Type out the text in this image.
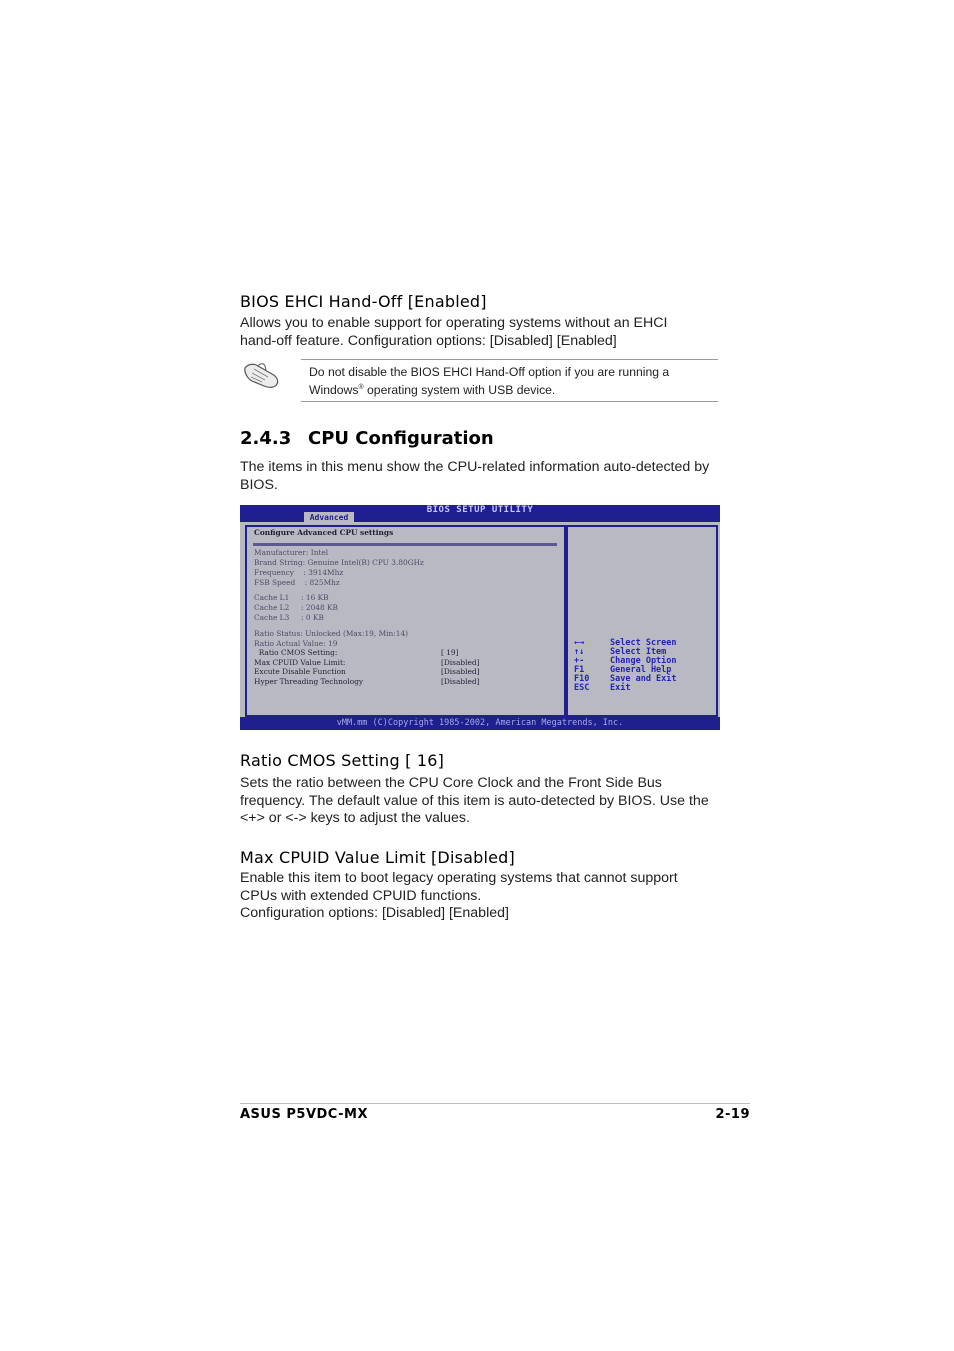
BIOS EHCI Hand-Off [Enabled]

Allows you to enable support for operating systems without an EHCI

hand-off feature. Configuration options: [Disabled] [Enabled]

Do not disable the BIOS EHCI Hand-Off option if you are running a
Windows® operating system with USB device.
2.4.3 CPU Configuration

The items in this menu show the CPU-related information auto-detected by

BIOS.

BIOS SETUP UTILITY
Advanced
Configure Advanced CPU settings
Manufacturer: Intel
Brand String: Genuine Intel(R) CPU 3.80GHz
Frequency    : 3914Mhz
FSB Speed    : 825Mhz
Cache L1     : 16 KB
Cache L2     : 2048 KB
Cache L3     : 0 KB
Ratio Status: Unlocked (Max:19, Min:14)
Ratio Actual Value: 19
Ratio CMOS Setting:	[ 19]
Max CPUID Value Limit:	[Disabled]
Excute Disable Function	[Disabled]
Hyper Threading Technology	[Disabled]
←→	Select Screen
↑↓	Select Item
+-	Change Option
F1	General Help
F10 Save and Exit
ESC Exit
vMM.mm (C)Copyright 1985-2002, American Megatrends, Inc.
Ratio CMOS Setting [ 16]

Sets the ratio between the CPU Core Clock and the Front Side Bus

frequency. The default value of this item is auto-detected by BIOS. Use the

<+> or <-> keys to adjust the values.

Max CPUID Value Limit [Disabled]

Enable this item to boot legacy operating systems that cannot support

CPUs with extended CPUID functions.

Configuration options: [Disabled] [Enabled]

ASUS P5VDC-MX	2-19
